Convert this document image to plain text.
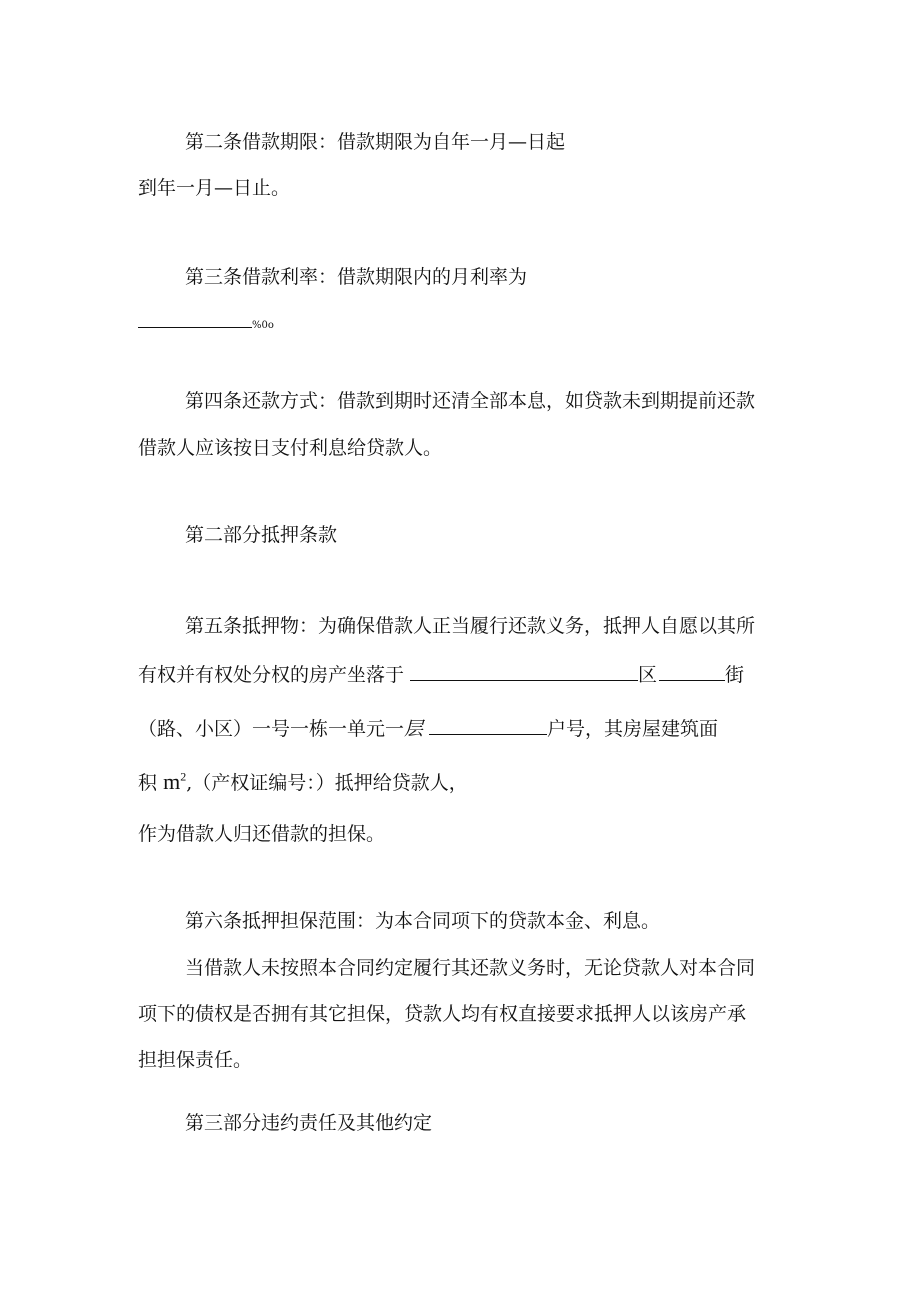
第二条借款期限：借款期限为自年一月—日起
到年一月—日止。
第三条借款利率：借款期限内的月利率为
%0o
第四条还款方式：借款到期时还清全部本息，如贷款未到期提前还款
借款人应该按日支付利息给贷款人。
第二部分抵押条款
第五条抵押物：为确保借款人正当履行还款义务，抵押人自愿以其所
有权并有权处分权的房产坐落于	区	街
（路、小区）一号一栋一单元一层	户号，其房屋建筑面
积 $m^2$,（产权证编号：）抵押给贷款人，
作为借款人归还借款的担保。
第六条抵押担保范围：为本合同项下的贷款本金、利息。
当借款人未按照本合同约定履行其还款义务时，无论贷款人对本合同
项下的债权是否拥有其它担保，贷款人均有权直接要求抵押人以该房产承
担担保责任。
第三部分违约责任及其他约定
